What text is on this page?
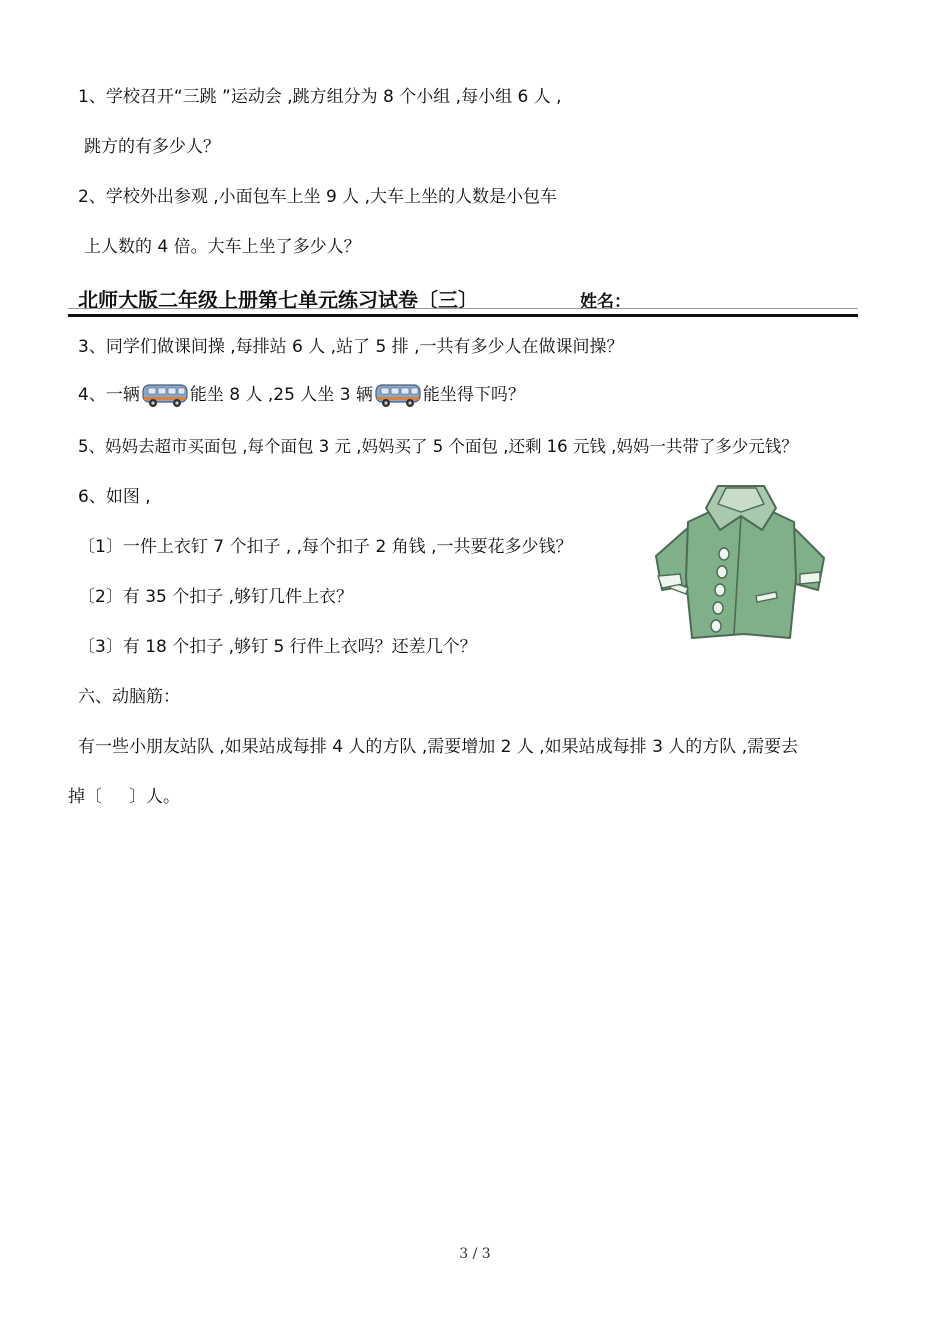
1、学校召开“三跳 ”运动会 ,跳方组分为 8 个小组 ,每小组 6 人 ,
跳方的有多少人？
2、学校外出参观 ,小面包车上坐 9 人 ,大车上坐的人数是小包车
上人数的 4 倍。大车上坐了多少人？
北师大版二年级上册第七单元练习试卷〔三〕	姓名：
3、同学们做课间操 ,每排站 6 人 ,站了 5 排 ,一共有多少人在做课间操？
4、一辆	能坐 8 人 ,25 人坐 3 辆	能坐得下吗？
5、妈妈去超市买面包 ,每个面包 3 元 ,妈妈买了 5 个面包 ,还剩 16 元钱 ,妈妈一共带了多少元钱？
6、如图 ,
〔1〕一件上衣钉 7 个扣子 , ,每个扣子 2 角钱 ,一共要花多少钱？
〔2〕有 35 个扣子 ,够钉几件上衣？
〔3〕有 18 个扣子 ,够钉 5 行件上衣吗？还差几个？
六、动脑筋：
有一些小朋友站队 ,如果站成每排 4 人的方队 ,需要增加 2 人 ,如果站成每排 3 人的方队 ,需要去
掉〔     〕人。
3 / 3
